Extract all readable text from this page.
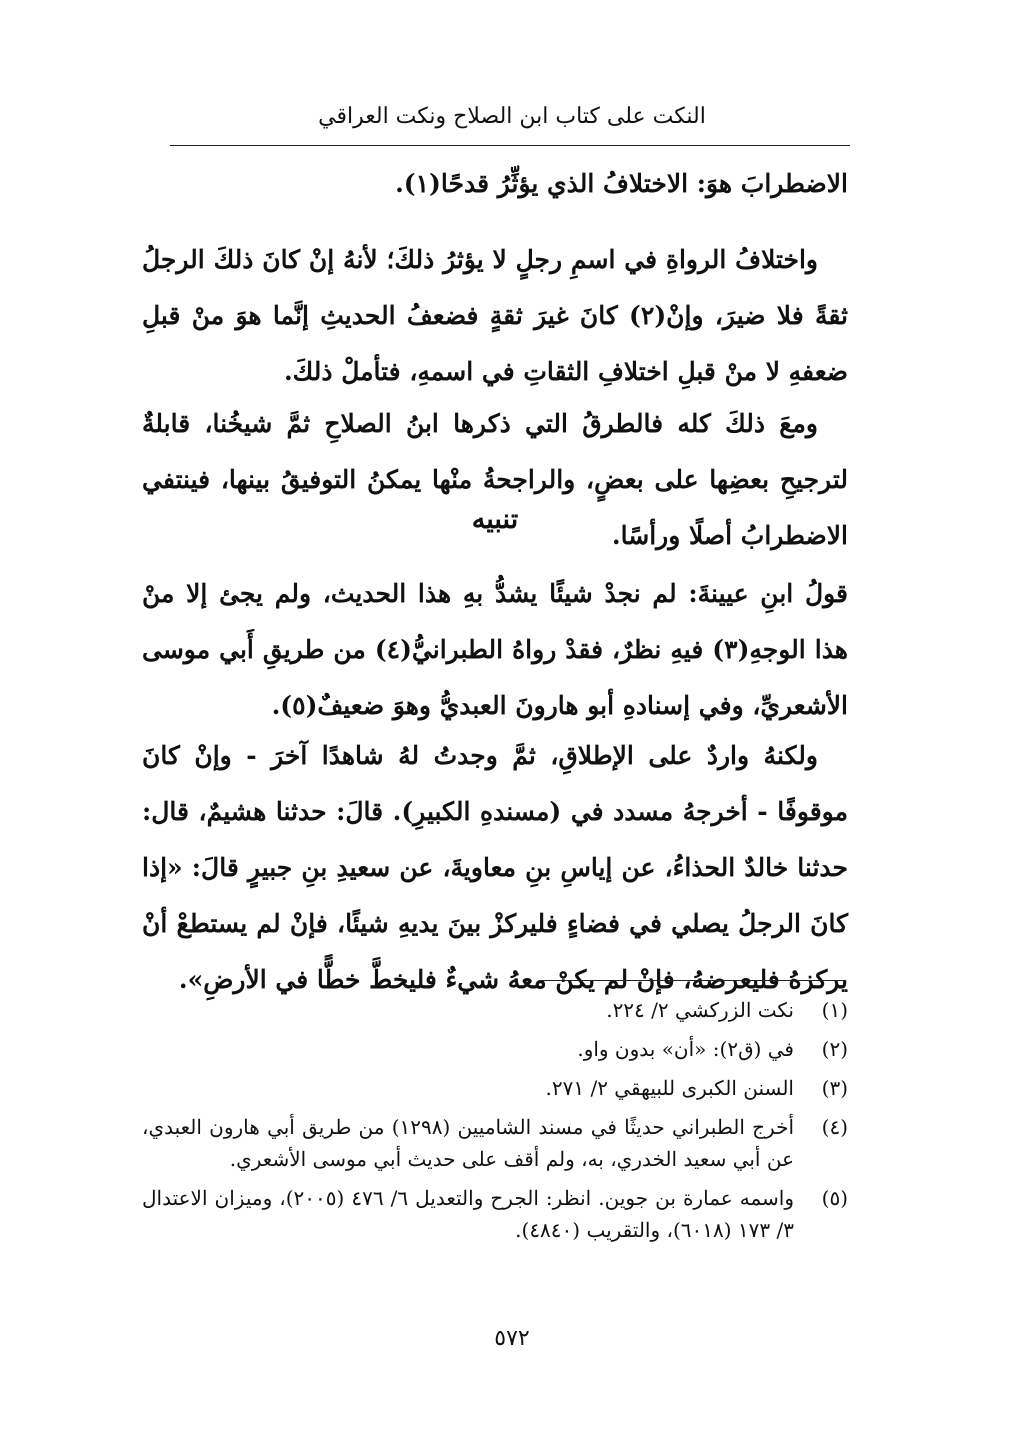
النكت على كتاب ابن الصلاح ونكت العراقي

الاضطرابَ هوَ: الاختلافُ الذي يؤثِّرُ قدحًا(١).

واختلافُ الرواةِ في اسمِ رجلٍ لا يؤثرُ ذلكَ؛ لأنهُ إنْ كانَ ذلكَ الرجلُ ثقةً فلا ضيرَ، وإنْ(٢) كانَ غيرَ ثقةٍ فضعفُ الحديثِ إنَّما هوَ منْ قبلِ ضعفهِ لا منْ قبلِ اختلافِ الثقاتِ في اسمهِ، فتأملْ ذلكَ.

ومعَ ذلكَ كله فالطرقُ التي ذكرها ابنُ الصلاحِ ثمَّ شيخُنا، قابلةٌ لترجيحِ بعضِها على بعضٍ، والراجحةُ منْها يمكنُ التوفيقُ بينها، فينتفي الاضطرابُ أصلًا ورأسًا.

تنبيه

قولُ ابنِ عيينةَ: لم نجدْ شيئًا يشدُّ بهِ هذا الحديث، ولم يجئ إلا منْ هذا الوجهِ(٣) فيهِ نظرٌ، فقدْ رواهُ الطبرانيُّ(٤) من طريقِ أَبي موسى الأشعريِّ، وفي إسنادهِ أبو هارونَ العبديُّ وهوَ ضعيفٌ(٥).

ولكنهُ واردٌ على الإطلاقِ، ثمَّ وجدتُ لهُ شاهدًا آخرَ - وإنْ كانَ موقوفًا - أخرجهُ مسدد في (مسندهِ الكبيرِ). قالَ: حدثنا هشيمٌ، قال: حدثنا خالدٌ الحذاءُ، عن إياسِ بنِ معاويةَ، عن سعيدِ بنِ جبيرٍ قالَ: «إذا كانَ الرجلُ يصلي في فضاءٍ فليركزْ بينَ يديهِ شيئًا، فإنْ لم يستطعْ أنْ يركزهُ فليعرضهُ، فإنْ لم يكنْ معهُ شيءٌ فليخطَّ خطًّا في الأرضِ».

(١)
نكت الزركشي ٢/ ٢٢٤.
(٢)
في (ق٢): «أن» بدون واو.
(٣)
السنن الكبرى للبيهقي ٢/ ٢٧١.
(٤)
أخرج الطبراني حديثًا في مسند الشاميين (١٢٩٨) من طريق أبي هارون العبدي، عن أبي سعيد الخدري، به، ولم أقف على حديث أبي موسى الأشعري.
(٥)
واسمه عمارة بن جوين. انظر: الجرح والتعديل ٦/ ٤٧٦ (٢٠٠٥)، وميزان الاعتدال ٣/ ١٧٣ (٦٠١٨)، والتقريب (٤٨٤٠).
٥٧٢
